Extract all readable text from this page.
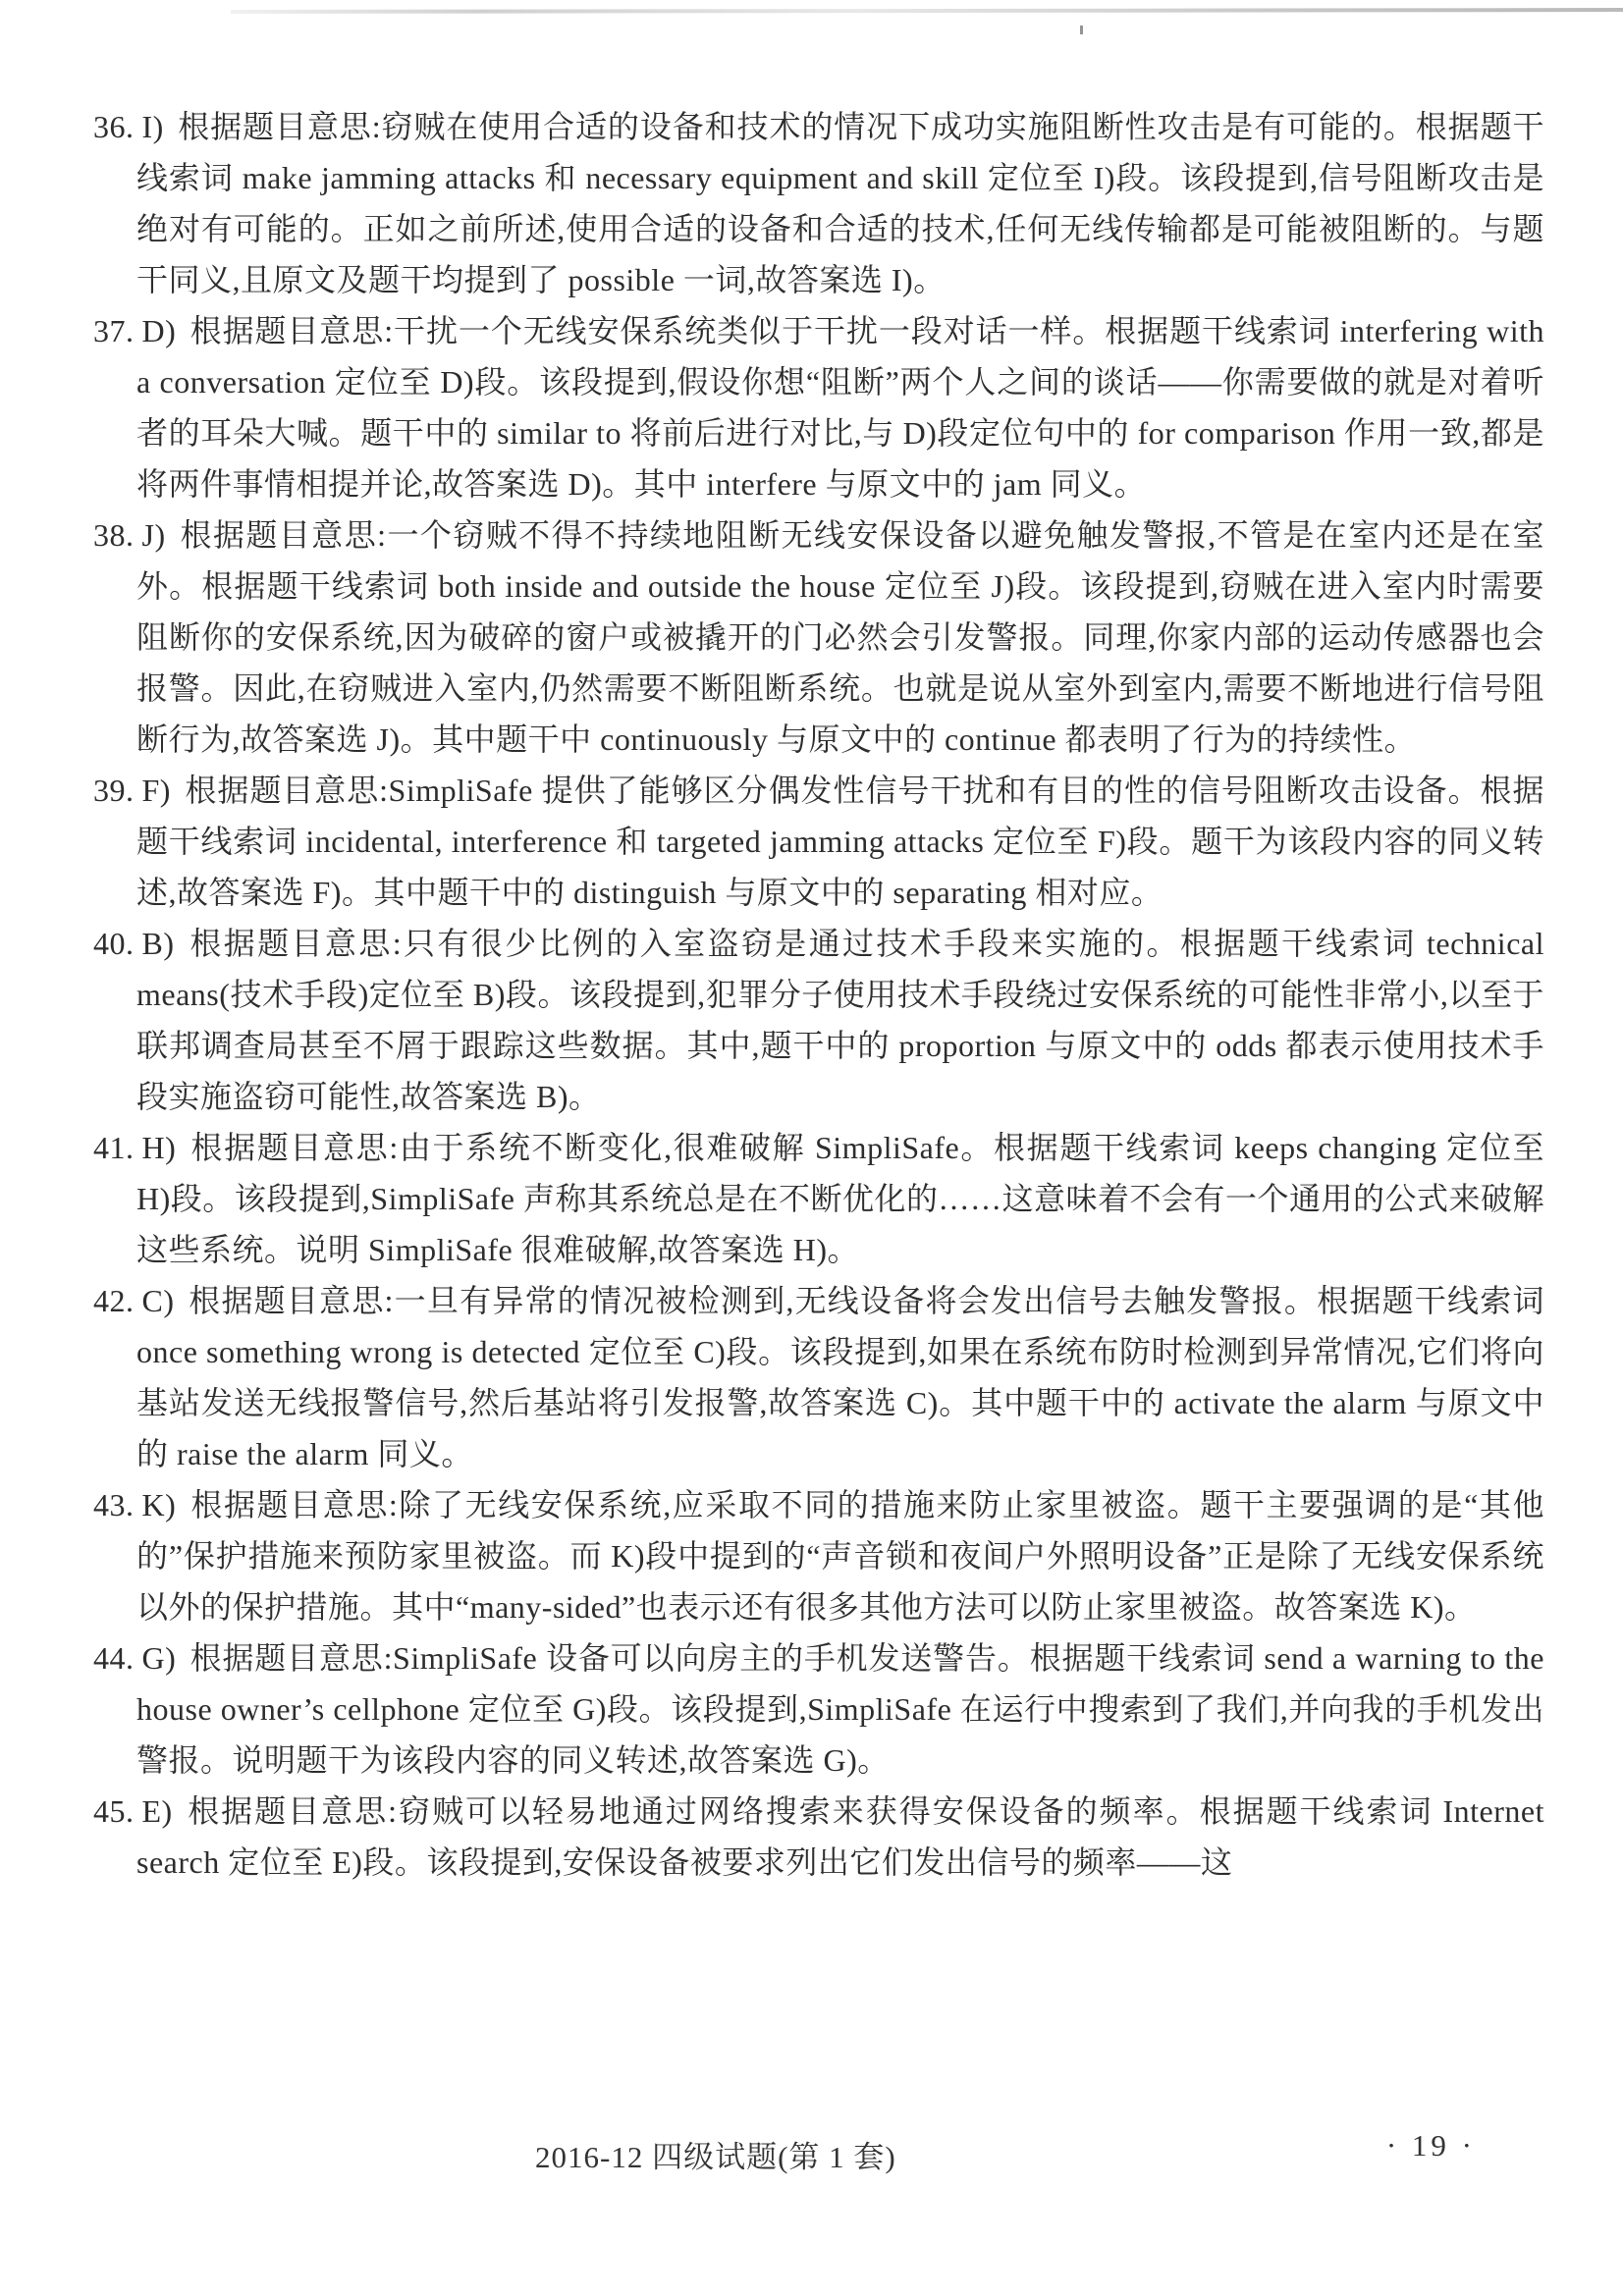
36. I) 根据题目意思:窃贼在使用合适的设备和技术的情况下成功实施阻断性攻击是有可能的。根据题干线索词 make jamming attacks 和 necessary equipment and skill 定位至 I)段。该段提到,信号阻断攻击是绝对有可能的。正如之前所述,使用合适的设备和合适的技术,任何无线传输都是可能被阻断的。与题干同义,且原文及题干均提到了 possible 一词,故答案选 I)。

37. D) 根据题目意思:干扰一个无线安保系统类似于干扰一段对话一样。根据题干线索词 interfering with a conversation 定位至 D)段。该段提到,假设你想“阻断”两个人之间的谈话——你需要做的就是对着听者的耳朵大喊。题干中的 similar to 将前后进行对比,与 D)段定位句中的 for comparison 作用一致,都是将两件事情相提并论,故答案选 D)。其中 interfere 与原文中的 jam 同义。

38. J) 根据题目意思:一个窃贼不得不持续地阻断无线安保设备以避免触发警报,不管是在室内还是在室外。根据题干线索词 both inside and outside the house 定位至 J)段。该段提到,窃贼在进入室内时需要阻断你的安保系统,因为破碎的窗户或被撬开的门必然会引发警报。同理,你家内部的运动传感器也会报警。因此,在窃贼进入室内,仍然需要不断阻断系统。也就是说从室外到室内,需要不断地进行信号阻断行为,故答案选 J)。其中题干中 continuously 与原文中的 continue 都表明了行为的持续性。

39. F) 根据题目意思:SimpliSafe 提供了能够区分偶发性信号干扰和有目的性的信号阻断攻击设备。根据题干线索词 incidental, interference 和 targeted jamming attacks 定位至 F)段。题干为该段内容的同义转述,故答案选 F)。其中题干中的 distinguish 与原文中的 separating 相对应。

40. B) 根据题目意思:只有很少比例的入室盗窃是通过技术手段来实施的。根据题干线索词 technical means(技术手段)定位至 B)段。该段提到,犯罪分子使用技术手段绕过安保系统的可能性非常小,以至于联邦调查局甚至不屑于跟踪这些数据。其中,题干中的 proportion 与原文中的 odds 都表示使用技术手段实施盗窃可能性,故答案选 B)。

41. H) 根据题目意思:由于系统不断变化,很难破解 SimpliSafe。根据题干线索词 keeps changing 定位至 H)段。该段提到,SimpliSafe 声称其系统总是在不断优化的……这意味着不会有一个通用的公式来破解这些系统。说明 SimpliSafe 很难破解,故答案选 H)。

42. C) 根据题目意思:一旦有异常的情况被检测到,无线设备将会发出信号去触发警报。根据题干线索词 once something wrong is detected 定位至 C)段。该段提到,如果在系统布防时检测到异常情况,它们将向基站发送无线报警信号,然后基站将引发报警,故答案选 C)。其中题干中的 activate the alarm 与原文中的 raise the alarm 同义。

43. K) 根据题目意思:除了无线安保系统,应采取不同的措施来防止家里被盗。题干主要强调的是“其他的”保护措施来预防家里被盗。而 K)段中提到的“声音锁和夜间户外照明设备”正是除了无线安保系统以外的保护措施。其中“many-sided”也表示还有很多其他方法可以防止家里被盗。故答案选 K)。

44. G) 根据题目意思:SimpliSafe 设备可以向房主的手机发送警告。根据题干线索词 send a warning to the house owner’s cellphone 定位至 G)段。该段提到,SimpliSafe 在运行中搜索到了我们,并向我的手机发出警报。说明题干为该段内容的同义转述,故答案选 G)。

45. E) 根据题目意思:窃贼可以轻易地通过网络搜索来获得安保设备的频率。根据题干线索词 Internet search 定位至 E)段。该段提到,安保设备被要求列出它们发出信号的频率——这

2016-12 四级试题(第 1 套)	· 19 ·
